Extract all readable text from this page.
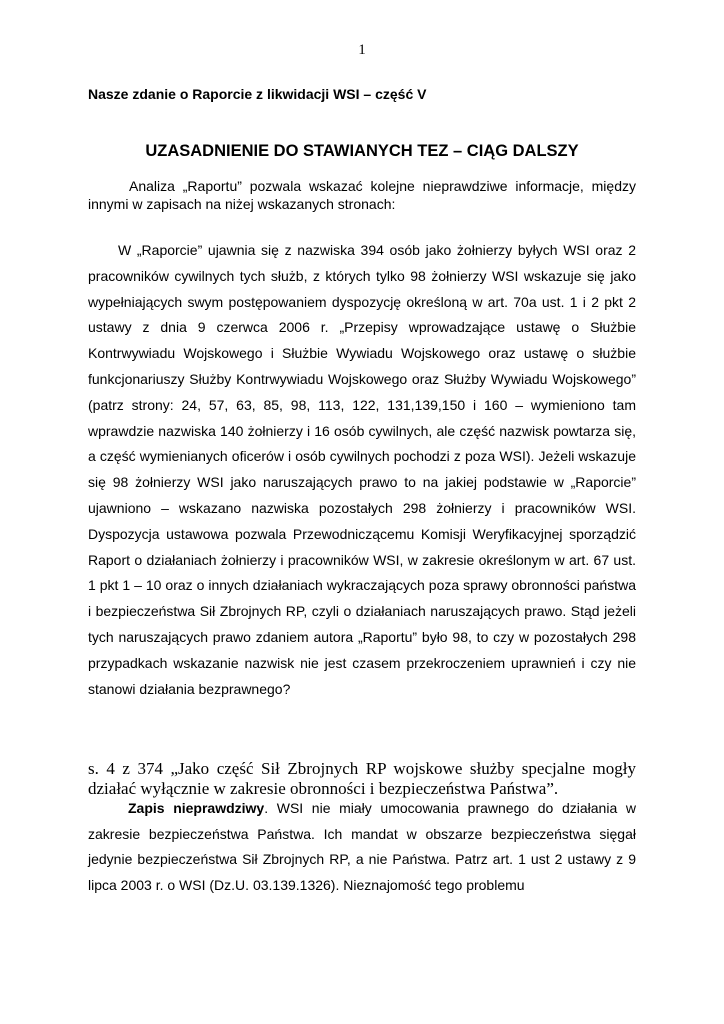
1
Nasze zdanie o Raporcie z likwidacji WSI – część V
UZASADNIENIE DO STAWIANYCH TEZ – CIĄG DALSZY
Analiza „Raportu” pozwala wskazać kolejne nieprawdziwe informacje, między innymi w zapisach na niżej wskazanych stronach:
W „Raporcie” ujawnia się z nazwiska 394 osób jako żołnierzy byłych WSI oraz 2 pracowników cywilnych tych służb, z których tylko 98 żołnierzy WSI wskazuje się jako wypełniających swym postępowaniem dyspozycję określoną w art. 70a ust. 1 i 2 pkt 2 ustawy z dnia 9 czerwca 2006 r. „Przepisy wprowadzające ustawę o Służbie Kontrwywiadu Wojskowego i Służbie Wywiadu Wojskowego oraz ustawę o służbie funkcjonariuszy Służby Kontrwywiadu Wojskowego oraz Służby Wywiadu Wojskowego” (patrz strony: 24, 57, 63, 85, 98, 113, 122, 131,139,150 i 160 – wymieniono tam wprawdzie nazwiska 140 żołnierzy i 16 osób cywilnych, ale część nazwisk powtarza się, a część wymienianych oficerów i osób cywilnych pochodzi z poza WSI). Jeżeli wskazuje się 98 żołnierzy WSI jako naruszających prawo to na jakiej podstawie w „Raporcie” ujawniono – wskazano nazwiska pozostałych 298 żołnierzy i pracowników WSI. Dyspozycja ustawowa pozwala Przewodniczącemu Komisji Weryfikacyjnej sporządzić Raport o działaniach żołnierzy i pracowników WSI, w zakresie określonym w art. 67 ust. 1 pkt 1 – 10 oraz o innych działaniach wykraczających poza sprawy obronności państwa i bezpieczeństwa Sił Zbrojnych RP, czyli o działaniach naruszających prawo. Stąd jeżeli tych naruszających prawo zdaniem autora „Raportu” było 98, to czy w pozostałych 298 przypadkach wskazanie nazwisk nie jest czasem przekroczeniem uprawnień i czy nie stanowi działania bezprawnego?
s. 4 z 374 „Jako część Sił Zbrojnych RP wojskowe służby specjalne mogły działać wyłącznie w zakresie obronności i bezpieczeństwa Państwa”.
Zapis nieprawdziwy. WSI nie miały umocowania prawnego do działania w zakresie bezpieczeństwa Państwa. Ich mandat w obszarze bezpieczeństwa sięgał jedynie bezpieczeństwa Sił Zbrojnych RP, a nie Państwa. Patrz art. 1 ust 2 ustawy z 9 lipca 2003 r. o WSI (Dz.U. 03.139.1326). Nieznajomość tego problemu
